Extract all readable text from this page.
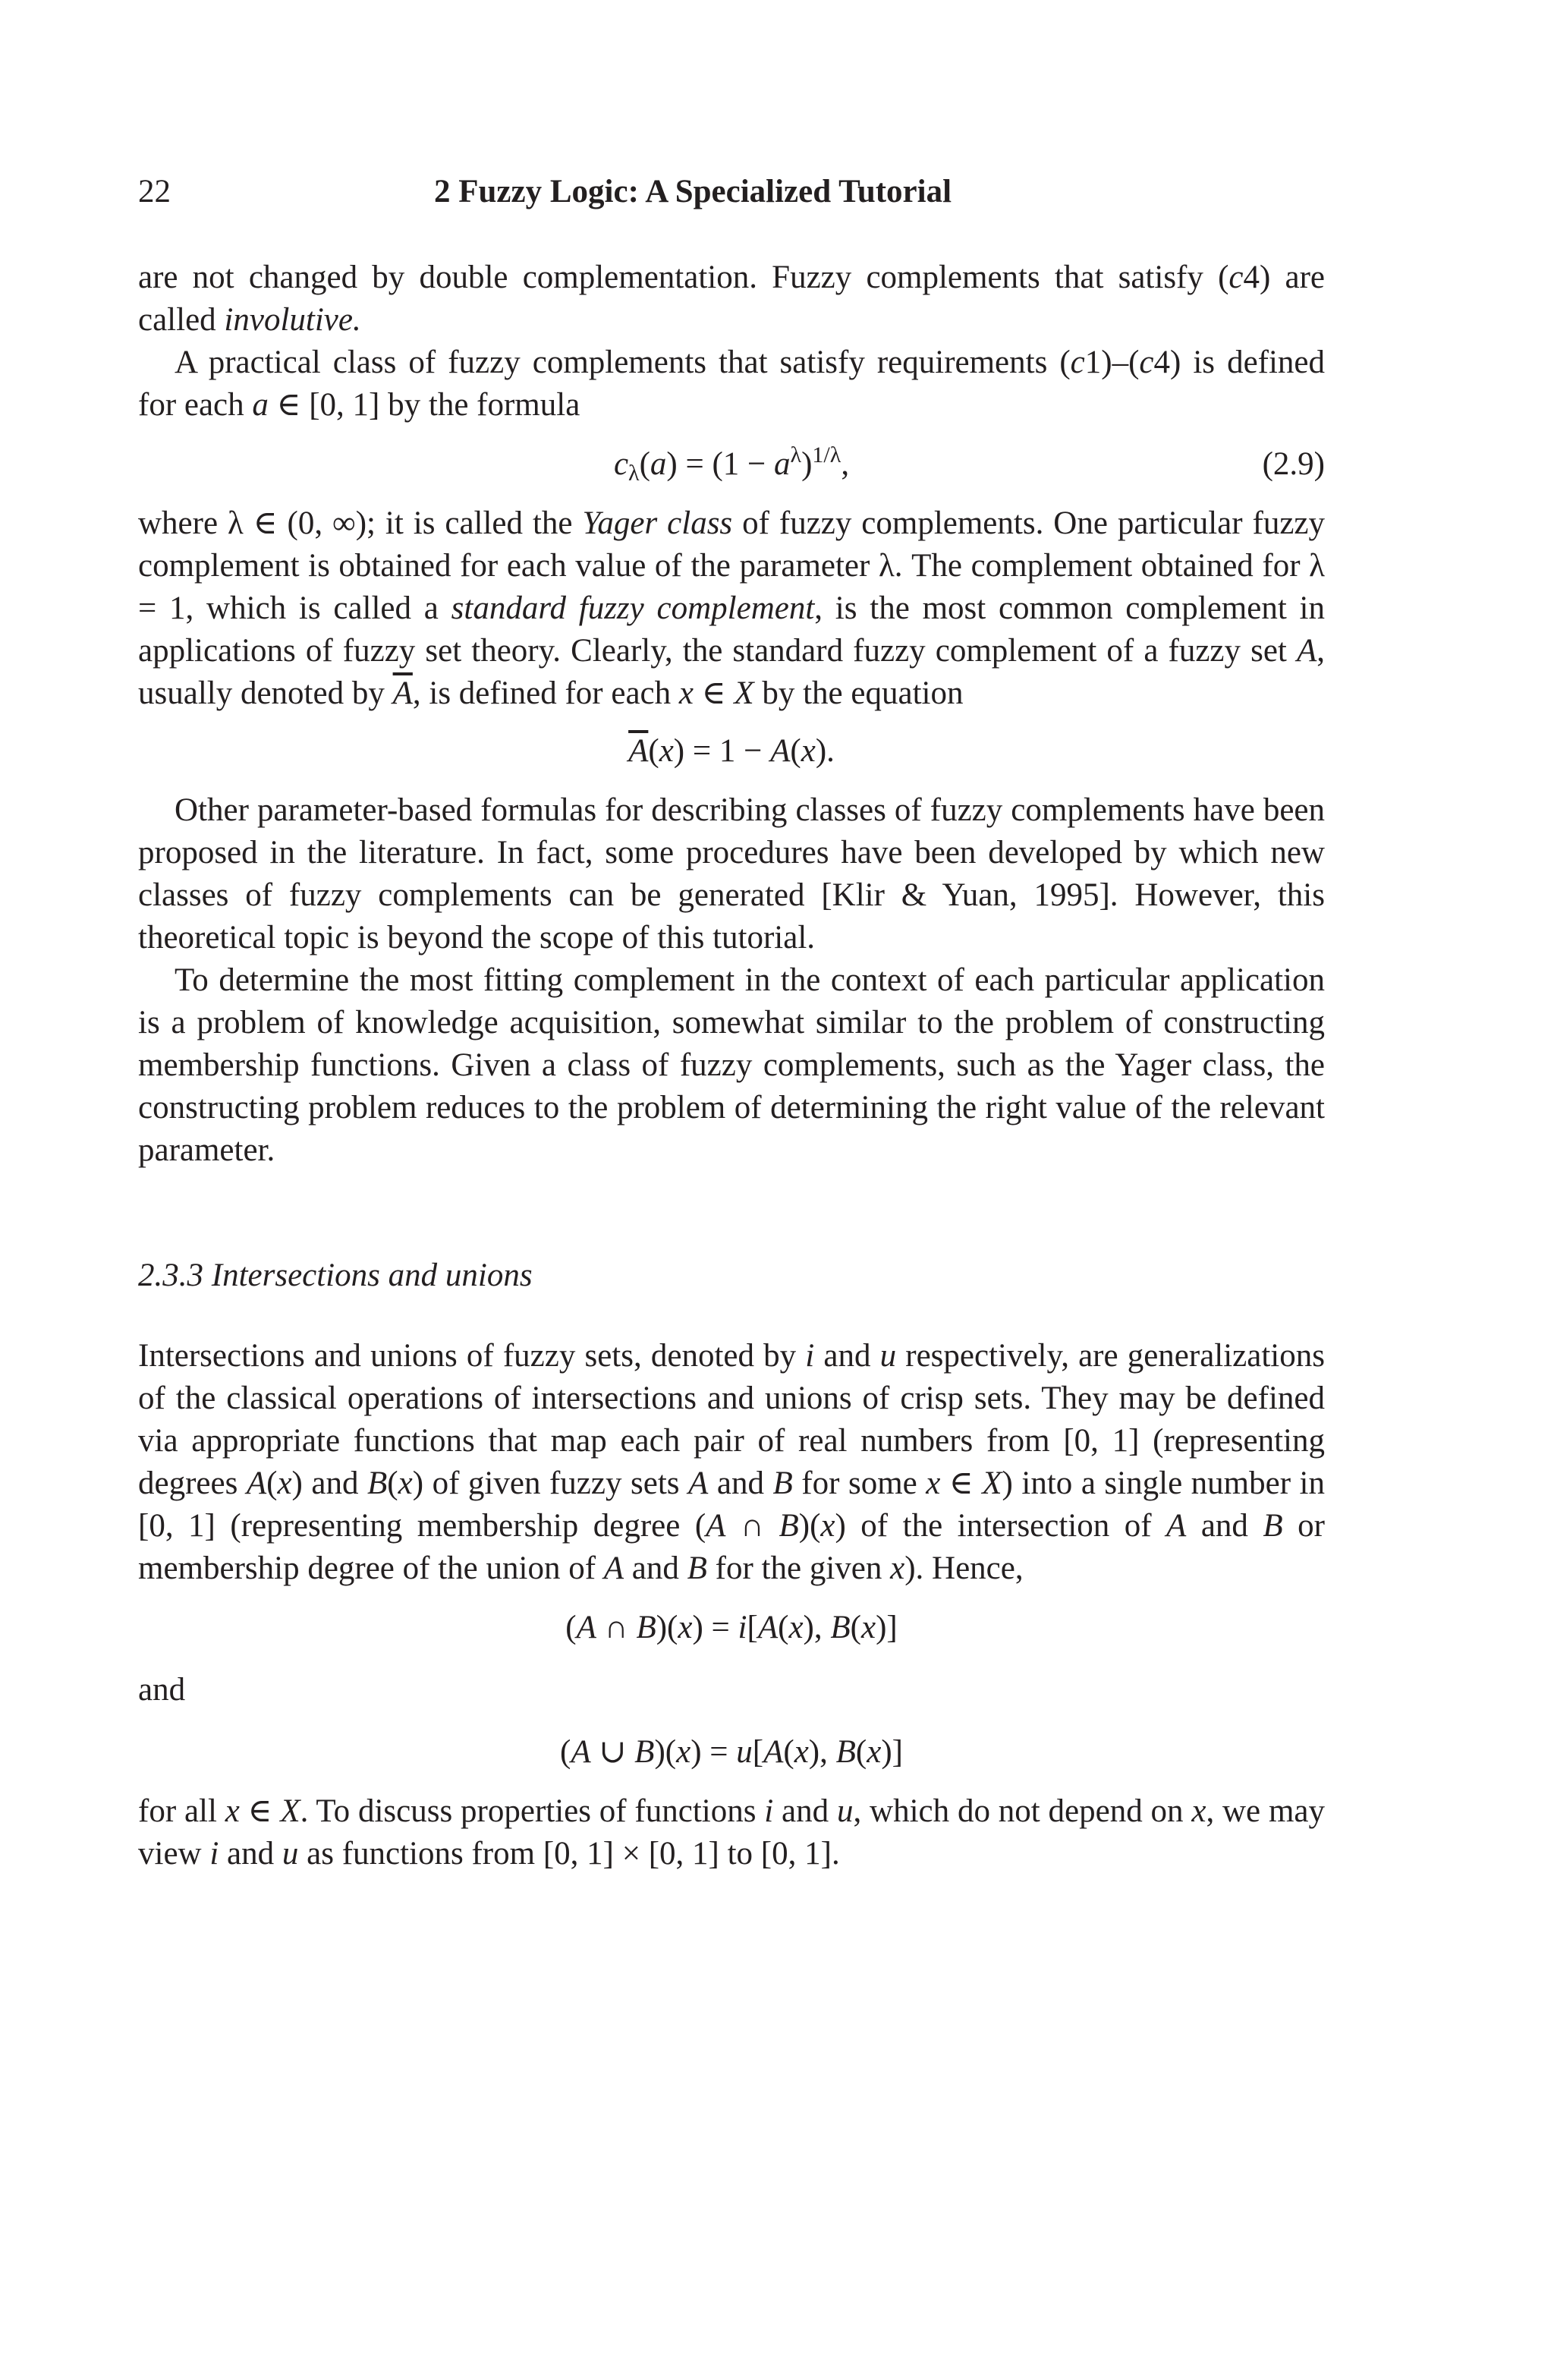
22	2 Fuzzy Logic: A Specialized Tutorial

are not changed by double complementation. Fuzzy complements that satisfy (c4) are called involutive.

A practical class of fuzzy complements that satisfy requirements (c1)–(c4) is defined for each a ∈ [0, 1] by the formula

$c_\lambda(a) = (1 - a^\lambda)^{1/\lambda}$,	(2.9)

where λ ∈ (0, ∞); it is called the Yager class of fuzzy complements. One particular fuzzy complement is obtained for each value of the parameter λ. The complement obtained for λ = 1, which is called a standard fuzzy complement, is the most common complement in applications of fuzzy set theory. Clearly, the standard fuzzy complement of a fuzzy set A, usually denoted by $\overline{A}$, is defined for each x ∈ X by the equation

$\overline{A}(x) = 1 - A(x)$.

Other parameter-based formulas for describing classes of fuzzy complements have been proposed in the literature. In fact, some procedures have been developed by which new classes of fuzzy complements can be generated [Klir & Yuan, 1995]. However, this theoretical topic is beyond the scope of this tutorial.

To determine the most fitting complement in the context of each particular application is a problem of knowledge acquisition, somewhat similar to the problem of constructing membership functions. Given a class of fuzzy complements, such as the Yager class, the constructing problem reduces to the problem of determining the right value of the relevant parameter.

2.3.3 Intersections and unions

Intersections and unions of fuzzy sets, denoted by i and u respectively, are generalizations of the classical operations of intersections and unions of crisp sets. They may be defined via appropriate functions that map each pair of real numbers from [0, 1] (representing degrees A(x) and B(x) of given fuzzy sets A and B for some x ∈ X) into a single number in [0, 1] (representing membership degree (A ∩ B)(x) of the intersection of A and B or membership degree of the union of A and B for the given x). Hence,

(A ∩ B)(x) = i[A(x), B(x)]

and

(A ∪ B)(x) = u[A(x), B(x)]

for all x ∈ X. To discuss properties of functions i and u, which do not depend on x, we may view i and u as functions from [0, 1] × [0, 1] to [0, 1].
